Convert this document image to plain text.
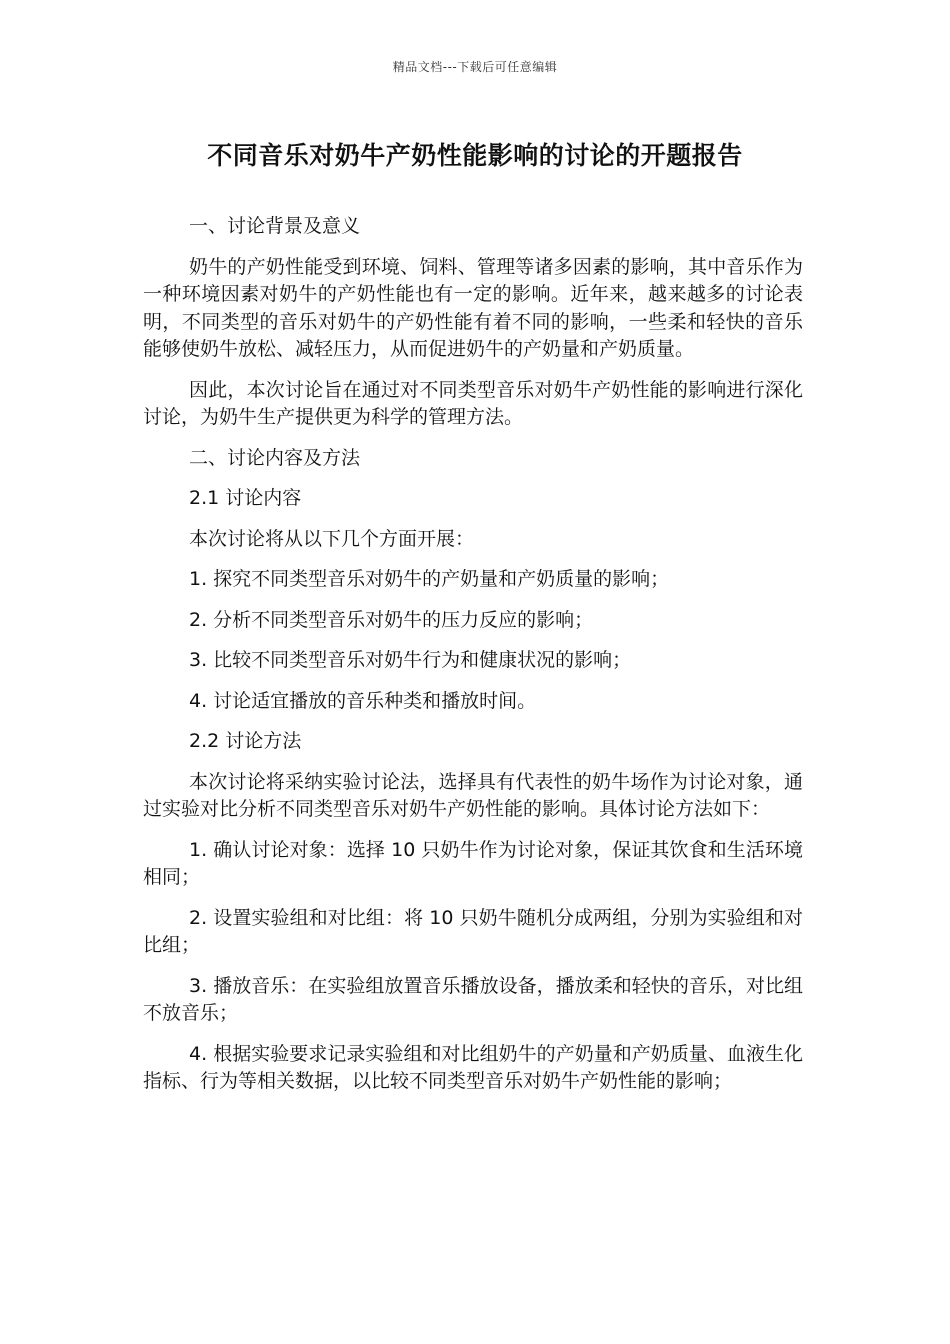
精品文档---下载后可任意编辑
不同音乐对奶牛产奶性能影响的讨论的开题报告

一、讨论背景及意义

奶牛的产奶性能受到环境、饲料、管理等诸多因素的影响，其中音乐作为一种环境因素对奶牛的产奶性能也有一定的影响。近年来，越来越多的讨论表明，不同类型的音乐对奶牛的产奶性能有着不同的影响，一些柔和轻快的音乐能够使奶牛放松、减轻压力，从而促进奶牛的产奶量和产奶质量。

因此，本次讨论旨在通过对不同类型音乐对奶牛产奶性能的影响进行深化讨论，为奶牛生产提供更为科学的管理方法。

二、讨论内容及方法

2.1 讨论内容

本次讨论将从以下几个方面开展：

1. 探究不同类型音乐对奶牛的产奶量和产奶质量的影响；

2. 分析不同类型音乐对奶牛的压力反应的影响；

3. 比较不同类型音乐对奶牛行为和健康状况的影响；

4. 讨论适宜播放的音乐种类和播放时间。

2.2 讨论方法

本次讨论将采纳实验讨论法，选择具有代表性的奶牛场作为讨论对象，通过实验对比分析不同类型音乐对奶牛产奶性能的影响。具体讨论方法如下：

1. 确认讨论对象：选择 10 只奶牛作为讨论对象，保证其饮食和生活环境相同；

2. 设置实验组和对比组：将 10 只奶牛随机分成两组，分别为实验组和对比组；

3. 播放音乐：在实验组放置音乐播放设备，播放柔和轻快的音乐，对比组不放音乐；

4. 根据实验要求记录实验组和对比组奶牛的产奶量和产奶质量、血液生化指标、行为等相关数据，以比较不同类型音乐对奶牛产奶性能的影响；
